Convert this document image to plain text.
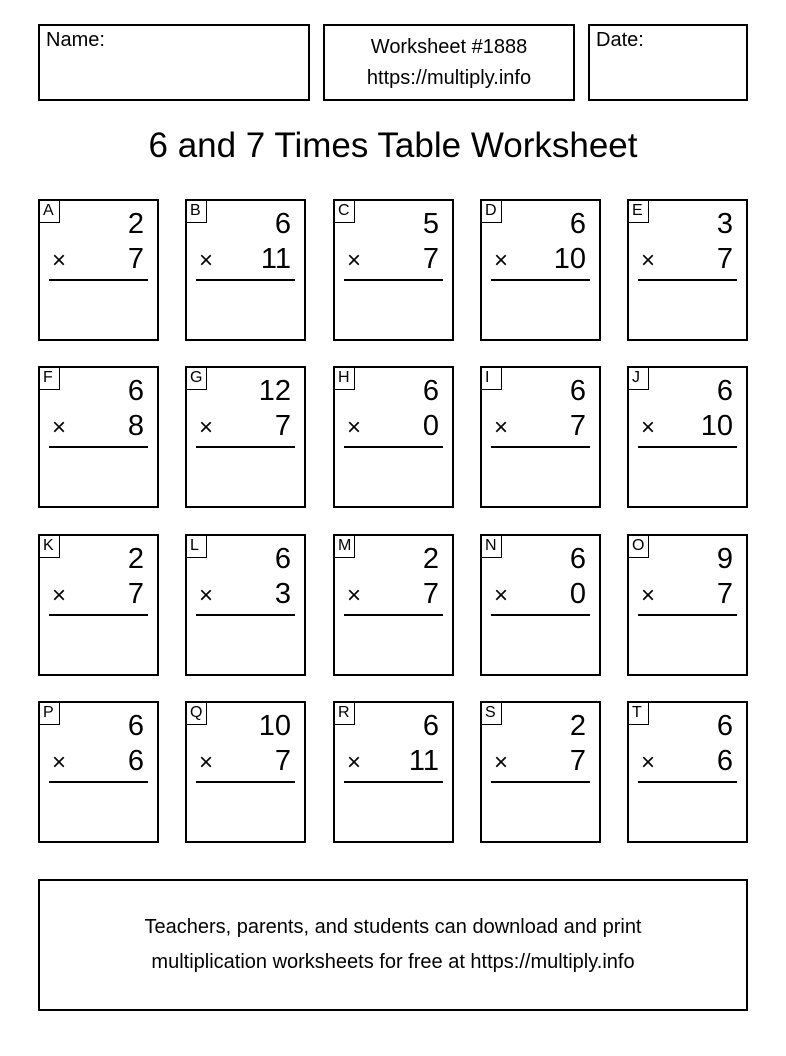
Name:	Worksheet #1888
https://multiply.info
Date:
6 and 7 Times Table Worksheet
A	2
× 7
B	6
× 11
C	5
× 7
D	6
× 10
E	3
× 7
F	6
× 8
G 12
× 7
H	6
× 0
I	6
× 7
J	6
× 10
K	2
× 7
L	6
× 3
M 2
× 7
N	6
× 0
O 9
× 7
P	6
× 6
Q 10
× 7
R	6
× 11
S	2
× 7
T	6
× 6
Teachers, parents, and students can download and print
multiplication worksheets for free at https://multiply.info
